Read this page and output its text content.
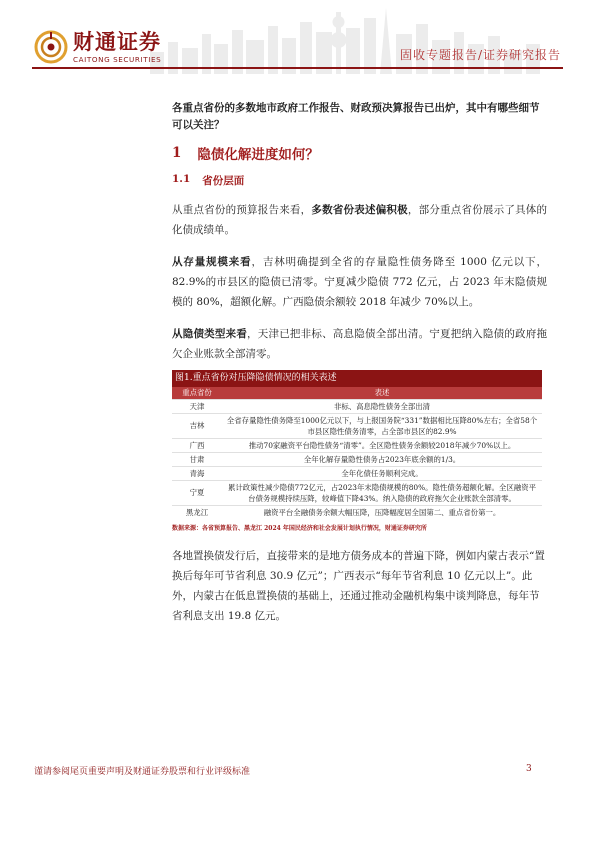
财通证券
CAITONG SECURITIES	固收专题报告/证券研究报告
各重点省份的多数地市政府工作报告、财政预决算报告已出炉，其中有哪些细节可以关注？
1 隐债化解进度如何？
1.1 省份层面

从重点省份的预算报告来看，多数省份表述偏积极，部分重点省份展示了具体的化债成绩单。

从存量规模来看，吉林明确提到全省的存量隐性债务降至 1000 亿元以下，82.9%的市县区的隐债已清零。宁夏减少隐债 772 亿元，占 2023 年末隐债规模的 80%，超额化解。广西隐债余额较 2018 年减少 70%以上。

从隐债类型来看，天津已把非标、高息隐债全部出清。宁夏把纳入隐债的政府拖欠企业账款全部清零。

图1.重点省份对压降隐债情况的相关表述
重点省份	表述
天津	非标、高息隐性债务全部出清
吉林	全省存量隐性债务降至1000亿元以下，与上报国务院“331”数据相比压降80%左右；全省58个市县区隐性债务清零，占全部市县区的82.9%
广西	推动70家融资平台隐性债务“清零”。全区隐性债务余额较2018年减少70%以上。
甘肃	全年化解存量隐性债务占2023年底余额的1/3。
青海	全年化债任务顺利完成。
宁夏	累计政策性减少隐债772亿元，占2023年末隐债规模的80%。隐性债务超额化解。全区融资平台债务规模持续压降，较峰值下降43%。纳入隐债的政府拖欠企业账款全部清零。
黑龙江	融资平台全融债务余额大幅压降，压降幅度居全国第二、重点省份第一。
数据来源：各省预算报告、黑龙江 2024 年国民经济和社会发展计划执行情况，财通证券研究所

各地置换债发行后，直接带来的是地方债务成本的普遍下降，例如内蒙古表示“置换后每年可节省利息 30.9 亿元”；广西表示“每年节省利息 10 亿元以上”。此外，内蒙古在低息置换债的基础上，还通过推动金融机构集中谈判降息，每年节省利息支出 19.8 亿元。

谨请参阅尾页重要声明及财通证券股票和行业评级标准	3
